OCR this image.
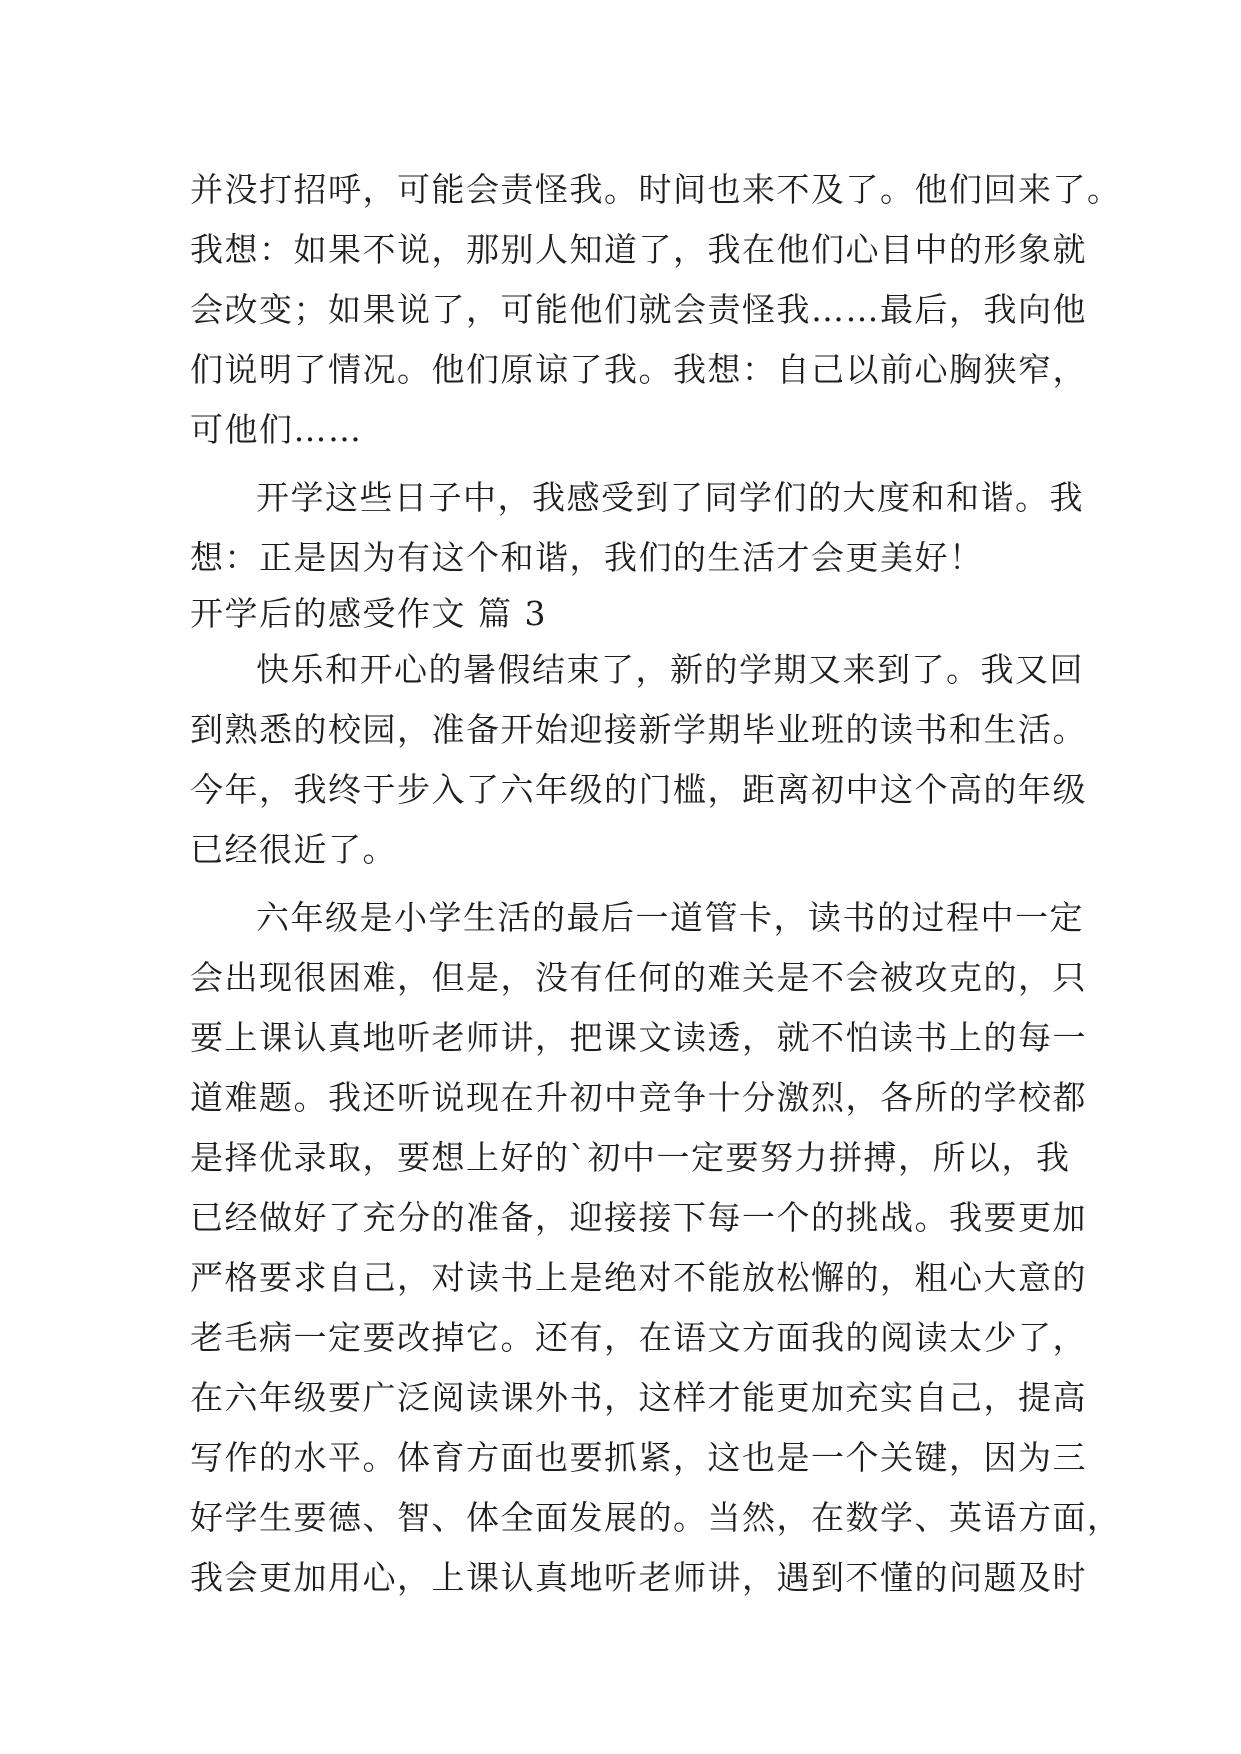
并没打招呼，可能会责怪我。时间也来不及了。他们回来了。
我想：如果不说，那别人知道了，我在他们心目中的形象就
会改变；如果说了，可能他们就会责怪我……最后，我向他
们说明了情况。他们原谅了我。我想：自己以前心胸狭窄，
可他们……
开学这些日子中，我感受到了同学们的大度和和谐。我
想：正是因为有这个和谐，我们的生活才会更美好！
开学后的感受作文 篇 3
快乐和开心的暑假结束了，新的学期又来到了。我又回
到熟悉的校园，准备开始迎接新学期毕业班的读书和生活。
今年，我终于步入了六年级的门槛，距离初中这个高的年级
已经很近了。
六年级是小学生活的最后一道管卡，读书的过程中一定
会出现很困难，但是，没有任何的难关是不会被攻克的，只
要上课认真地听老师讲，把课文读透，就不怕读书上的每一
道难题。我还听说现在升初中竞争十分激烈，各所的学校都
是择优录取，要想上好的`初中一定要努力拼搏，所以，我
已经做好了充分的准备，迎接接下每一个的挑战。我要更加
严格要求自己，对读书上是绝对不能放松懈的，粗心大意的
老毛病一定要改掉它。还有，在语文方面我的阅读太少了，
在六年级要广泛阅读课外书，这样才能更加充实自己，提高
写作的水平。体育方面也要抓紧，这也是一个关键，因为三
好学生要德、智、体全面发展的。当然，在数学、英语方面，
我会更加用心，上课认真地听老师讲，遇到不懂的问题及时
